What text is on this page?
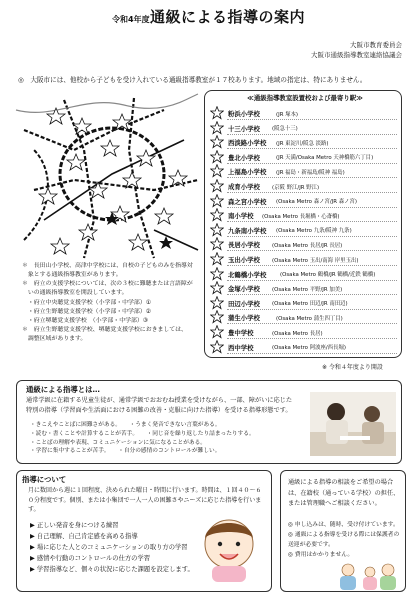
令和4年度 通級による指導の案内
大阪市教育委員会
大阪市通級指導教室連絡協議会
◎　大阪市には、他校から子どもを受け入れている通級指導教室が１７校あります。地域の指定は、特にありません。
≪通級指導教室設置校および最寄り駅≫
粉浜小学校	(JR 塚本)
十三小学校 (阪急十三)
西淡路小学校 (JR 東淀川/阪急 淡路)
豊北小学校	(JR 天満/Osaka Metro 天神橋筋六丁目)
上福島小学校 (JR 福島・新福島/阪神 福島)
成育小学校 (京阪 野江/JR 野江)
森之宮小学校 (Osaka Metro 森ノ宮/JR 森ノ宮)
南小学校 (Osaka Metro 長堀橋・心斎橋)
九条南小学校 (Osaka Metro 九条/阪神 九条)
長居小学校 (Osaka Metro 長居/JR 長居)
玉出小学校 (Osaka Metro 玉出/南海 岸里玉出)
北鶴橋小学校	(Osaka Metro 鶴橋/JR 鶴橋/近鉄 鶴橋)
金塚小学校 (Osaka Metro 平野/JR 加美)
田辺小学校 (Osaka Metro 田辺/JR 南田辺)
蒲生小学校	(Osaka Metro 蒲生四丁目)
豊中学校	(Osaka Metro 長居)
西中学校	(Osaka Metro 阿波座/西長堀)
※ 令和４年度より開設
＊　長田山小学校、高津中学校には、自校の子どものみを指導対
　象とする通級指導教室があります。
＊　府立の支援学校については、次の３校に難聴または言語障が
　いの通級指導教室を開設しています。
　・府立中央聴覚支援学校（小学部・中学部）①
　・府立生野聴覚支援学校（小学部・中学部）②
　・府立堺聴覚支援学校　（小学部・中学部）③
＊　府立生野聴覚支援学校、堺聴覚支援学校におきましては、
　調整区域があります。
通級による指導とは…
通常学級に在籍する児童生徒が、通常学級でおおむね授業を受けながら、一部、障がいに応じた特別の指導（学習面や生活面における困難の改善・克服に向けた指導）を受ける指導形態です。
・きこえやことばに困難さがある。　　・うまく発音できない言葉がある。
・読む・書くことや計算することが苦手。　　・同じ音を繰り返したり詰まったりする。
・ことばの理解や表現、コミュニケーションに気になることがある。
・学習に集中することが苦手。　　・自分の感情のコントロールが難しい。
指導について
月に数回から週に１回程度、決められた曜日・時間に行います。時間は、１回４０～６０分程度です。個別、または小集団で一人一人の困難さやニーズに応じた指導を行います。
▶ 正しい発音を身につける練習
▶ 自己理解、自己肯定感を高める指導
▶ 場に応じた人とのコミュニケーションの取り方の学習
▶ 感情や行動のコントロールの仕方の学習
▶ 学習指導など、個々の状況に応じた課題を設定します。
通級による指導の相談をご希望の場合は、在籍校（通っている学校）の担任、または管理職へご相談ください。
◎ 申し込みは、随時、受け付けています。
◎ 通級による指導を受ける際には保護者の送迎が必要です。
◎ 費用はかかりません。
